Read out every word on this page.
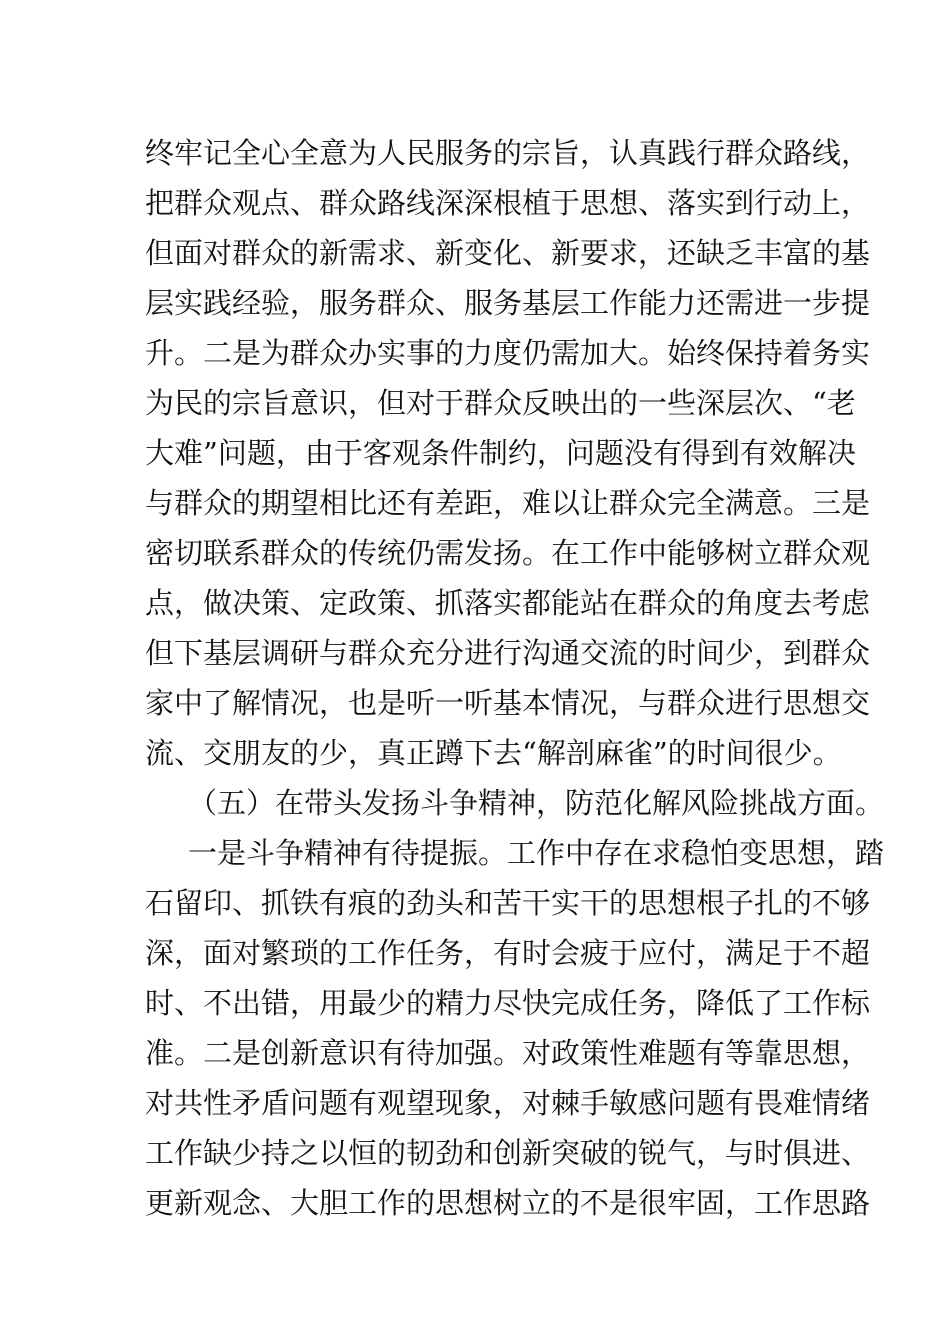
终牢记全心全意为人民服务的宗旨，认真践行群众路线，
把群众观点、群众路线深深根植于思想、落实到行动上，
但面对群众的新需求、新变化、新要求，还缺乏丰富的基
层实践经验，服务群众、服务基层工作能力还需进一步提
升。二是为群众办实事的力度仍需加大。始终保持着务实
为民的宗旨意识，但对于群众反映出的一些深层次、“老
大难”问题，由于客观条件制约，问题没有得到有效解决
与群众的期望相比还有差距，难以让群众完全满意。三是
密切联系群众的传统仍需发扬。在工作中能够树立群众观
点，做决策、定政策、抓落实都能站在群众的角度去考虑
但下基层调研与群众充分进行沟通交流的时间少，到群众
家中了解情况，也是听一听基本情况，与群众进行思想交
流、交朋友的少，真正蹲下去“解剖麻雀”的时间很少。
（五）在带头发扬斗争精神，防范化解风险挑战方面。
一是斗争精神有待提振。工作中存在求稳怕变思想，踏
石留印、抓铁有痕的劲头和苦干实干的思想根子扎的不够
深，面对繁琐的工作任务，有时会疲于应付，满足于不超
时、不出错，用最少的精力尽快完成任务，降低了工作标
准。二是创新意识有待加强。对政策性难题有等靠思想，
对共性矛盾问题有观望现象，对棘手敏感问题有畏难情绪
工作缺少持之以恒的韧劲和创新突破的锐气，与时俱进、
更新观念、大胆工作的思想树立的不是很牢固，工作思路
